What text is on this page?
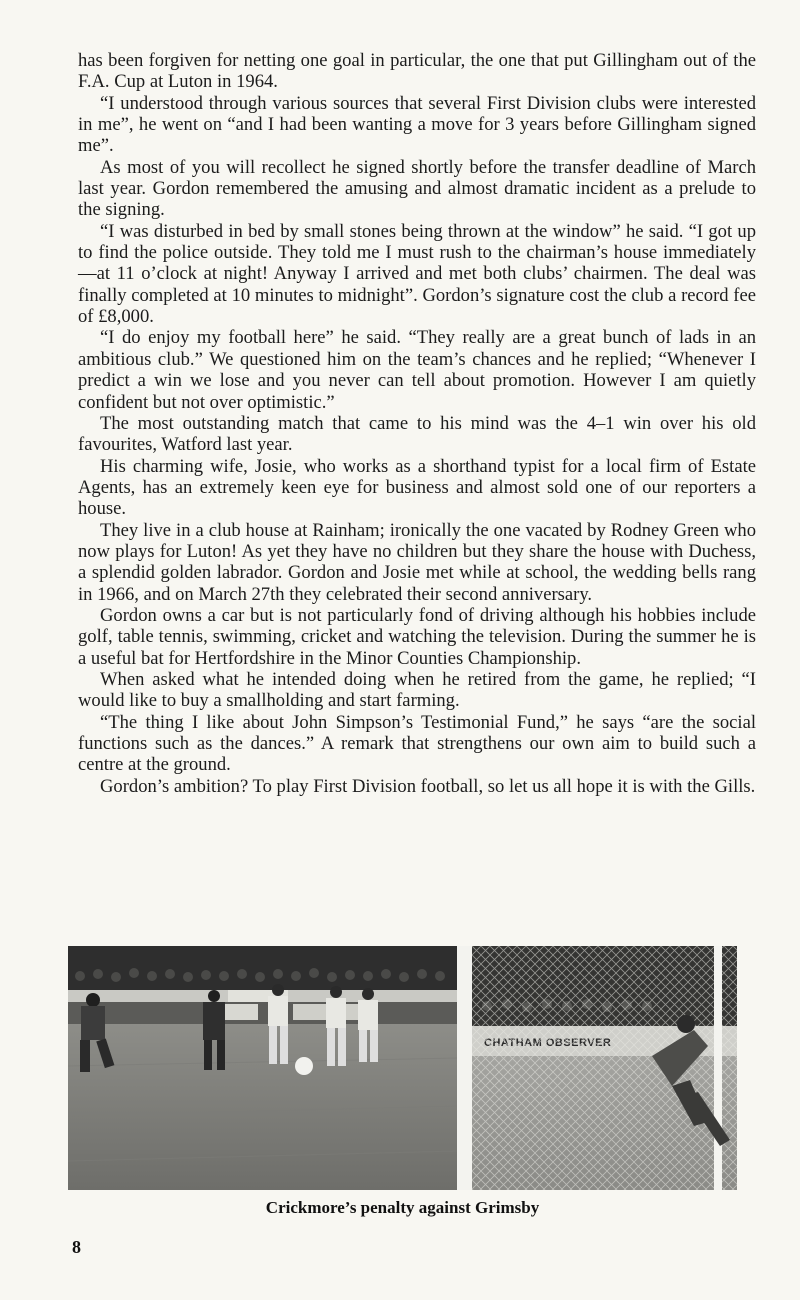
has been forgiven for netting one goal in particular, the one that put Gillingham out of the F.A. Cup at Luton in 1964.

“I understood through various sources that several First Division clubs were interested in me”, he went on “and I had been wanting a move for 3 years before Gillingham signed me”.

As most of you will recollect he signed shortly before the transfer deadline of March last year. Gordon remembered the amusing and almost dramatic incident as a prelude to the signing.

“I was disturbed in bed by small stones being thrown at the window” he said. “I got up to find the police outside. They told me I must rush to the chairman’s house immediately—at 11 o’clock at night! Anyway I arrived and met both clubs’ chairmen. The deal was finally completed at 10 minutes to midnight”. Gordon’s signature cost the club a record fee of £8,000.

“I do enjoy my football here” he said. “They really are a great bunch of lads in an ambitious club.” We questioned him on the team’s chances and he replied; “Whenever I predict a win we lose and you never can tell about promotion. However I am quietly confident but not over optimistic.”

The most outstanding match that came to his mind was the 4–1 win over his old favourites, Watford last year.

His charming wife, Josie, who works as a shorthand typist for a local firm of Estate Agents, has an extremely keen eye for business and almost sold one of our reporters a house.

They live in a club house at Rainham; ironically the one vacated by Rodney Green who now plays for Luton! As yet they have no children but they share the house with Duchess, a splendid golden labrador. Gordon and Josie met while at school, the wedding bells rang in 1966, and on March 27th they celebrated their second anniversary.

Gordon owns a car but is not particularly fond of driving although his hobbies include golf, table tennis, swimming, cricket and watching the television. During the summer he is a useful bat for Hertfordshire in the Minor Counties Championship.

When asked what he intended doing when he retired from the game, he replied; “I would like to buy a smallholding and start farming.

“The thing I like about John Simpson’s Testimonial Fund,” he says “are the social functions such as the dances.” A remark that strengthens our own aim to build such a centre at the ground.

Gordon’s ambition? To play First Division football, so let us all hope it is with the Gills.

Crickmore’s penalty against Grimsby
8
